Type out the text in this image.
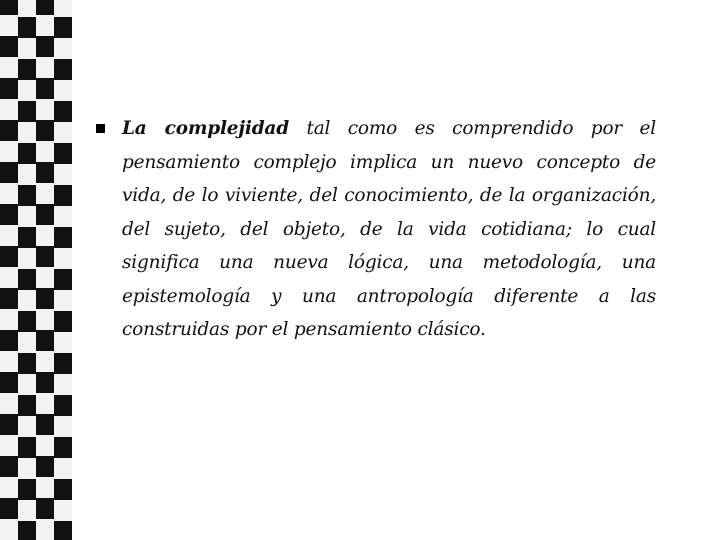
La complejidad tal como es comprendido por el pensamiento complejo implica un nuevo concepto de vida, de lo viviente, del conocimiento, de la organización, del sujeto, del objeto, de la vida cotidiana; lo cual significa una nueva lógica, una metodología, una epistemología y una antropología diferente a las construidas por el pensamiento clásico.
